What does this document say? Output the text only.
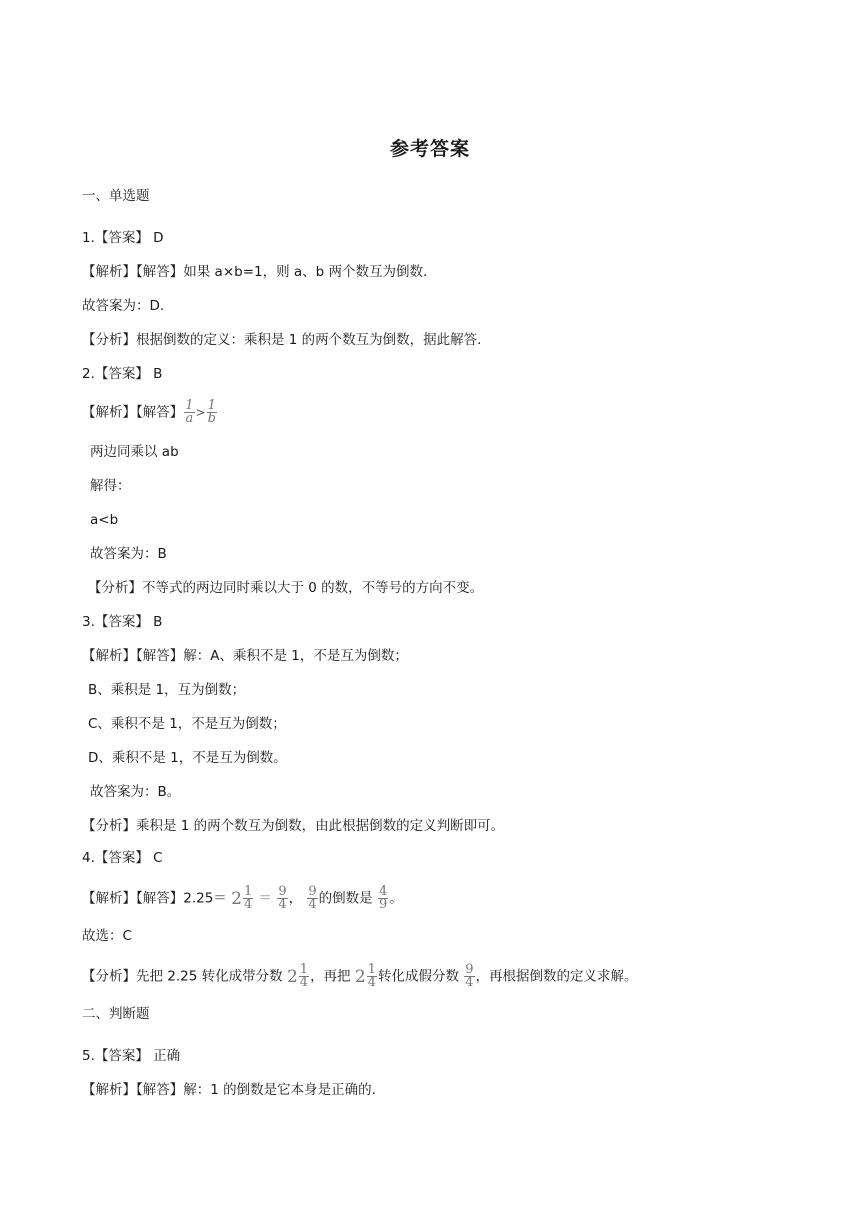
参考答案
一、单选题
1.【答案】 D
【解析】【解答】如果 a×b=1，则 a、b 两个数互为倒数.
故答案为：D.
【分析】根据倒数的定义：乘积是 1 的两个数互为倒数，据此解答.
2.【答案】 B
【解析】【解答】 $\frac{1}{a} > \frac{1}{b}$
两边同乘以 ab
解得：
a<b
故答案为：B
【分析】不等式的两边同时乘以大于 0 的数，不等号的方向不变。
3.【答案】 B
【解析】【解答】解：A、乘积不是 1，不是互为倒数；
B、乘积是 1，互为倒数；
C、乘积不是 1，不是互为倒数；
D、乘积不是 1，不是互为倒数。
故答案为：B。
【分析】乘积是 1 的两个数互为倒数，由此根据倒数的定义判断即可。
4.【答案】 C
【解析】【解答】$2.25= 2 \frac{1}{4} = \frac{9}{4}$ ， $\frac{9}{4}$ 的倒数是 $\frac{4}{9}$ 。
故选：C
【分析】先把 2.25 转化成带分数 $2 \frac{1}{4}$ ，再把 $2 \frac{1}{4}$ 转化成假分数 $\frac{9}{4}$ ，再根据倒数的定义求解。
二、判断题
5.【答案】 正确
【解析】【解答】解：1 的倒数是它本身是正确的.
